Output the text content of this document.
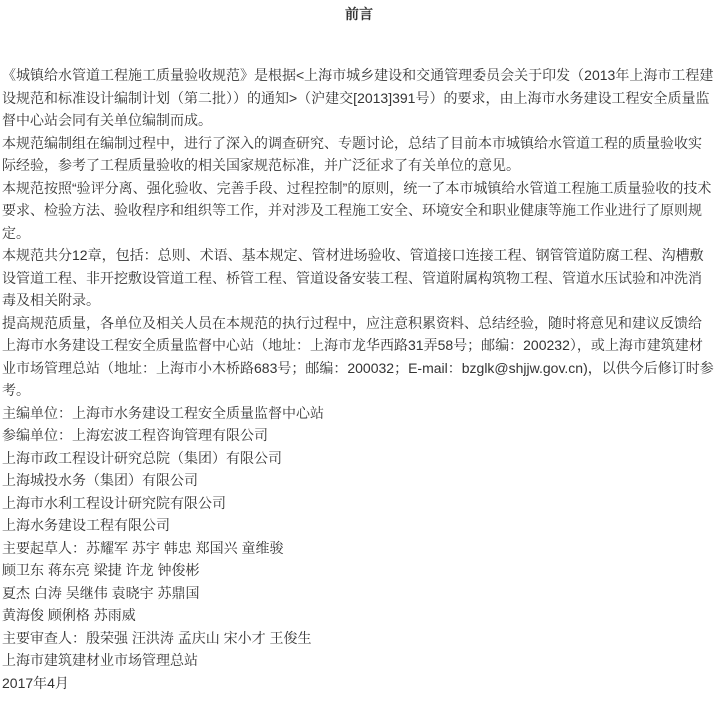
前言

《城镇给水管道工程施工质量验收规范》是根据<上海市城乡建设和交通管理委员会关于印发（2013年上海市工程建设规范和标准设计编制计划（第二批））的通知>（沪建交[2013]391号）的要求，由上海市水务建设工程安全质量监督中心站会同有关单位编制而成。

本规范编制组在编制过程中，进行了深入的调查研究、专题讨论，总结了目前本市城镇给水管道工程的质量验收实际经验，参考了工程质量验收的相关国家规范标准，并广泛征求了有关单位的意见。

本规范按照“验评分离、强化验收、完善手段、过程控制”的原则，统一了本市城镇给水管道工程施工质量验收的技术要求、检验方法、验收程序和组织等工作，并对涉及工程施工安全、环境安全和职业健康等施工作业进行了原则规定。

本规范共分12章，包括：总则、术语、基本规定、管材进场验收、管道接口连接工程、钢管管道防腐工程、沟槽敷设管道工程、非开挖敷设管道工程、桥管工程、管道设备安装工程、管道附属构筑物工程、管道水压试验和冲洗消毒及相关附录。

提高规范质量，各单位及相关人员在本规范的执行过程中，应注意积累资料、总结经验，随时将意见和建议反馈给上海市水务建设工程安全质量监督中心站（地址：上海市龙华西路31弄58号；邮编：200232），或上海市建筑建材业市场管理总站（地址：上海市小木桥路683号；邮编：200032；E-mail：bzglk@shjjw.gov.cn)，以供今后修订时参考。

主编单位：上海市水务建设工程安全质量监督中心站

参编单位：上海宏波工程咨询管理有限公司

上海市政工程设计研究总院（集团）有限公司

上海城投水务（集团）有限公司

上海市水利工程设计研究院有限公司

上海水务建设工程有限公司

主要起草人：苏耀军 苏宇 韩忠 郑国兴 童维骏

顾卫东 蒋东亮 梁捷 许龙 钟俊彬

夏杰 白涛 吴继伟 袁晓宇 苏鼎国

黄海俊 顾俐格 苏雨威

主要审查人：殷荣强 汪洪涛 孟庆山 宋小才 王俊生

上海市建筑建材业市场管理总站

2017年4月
